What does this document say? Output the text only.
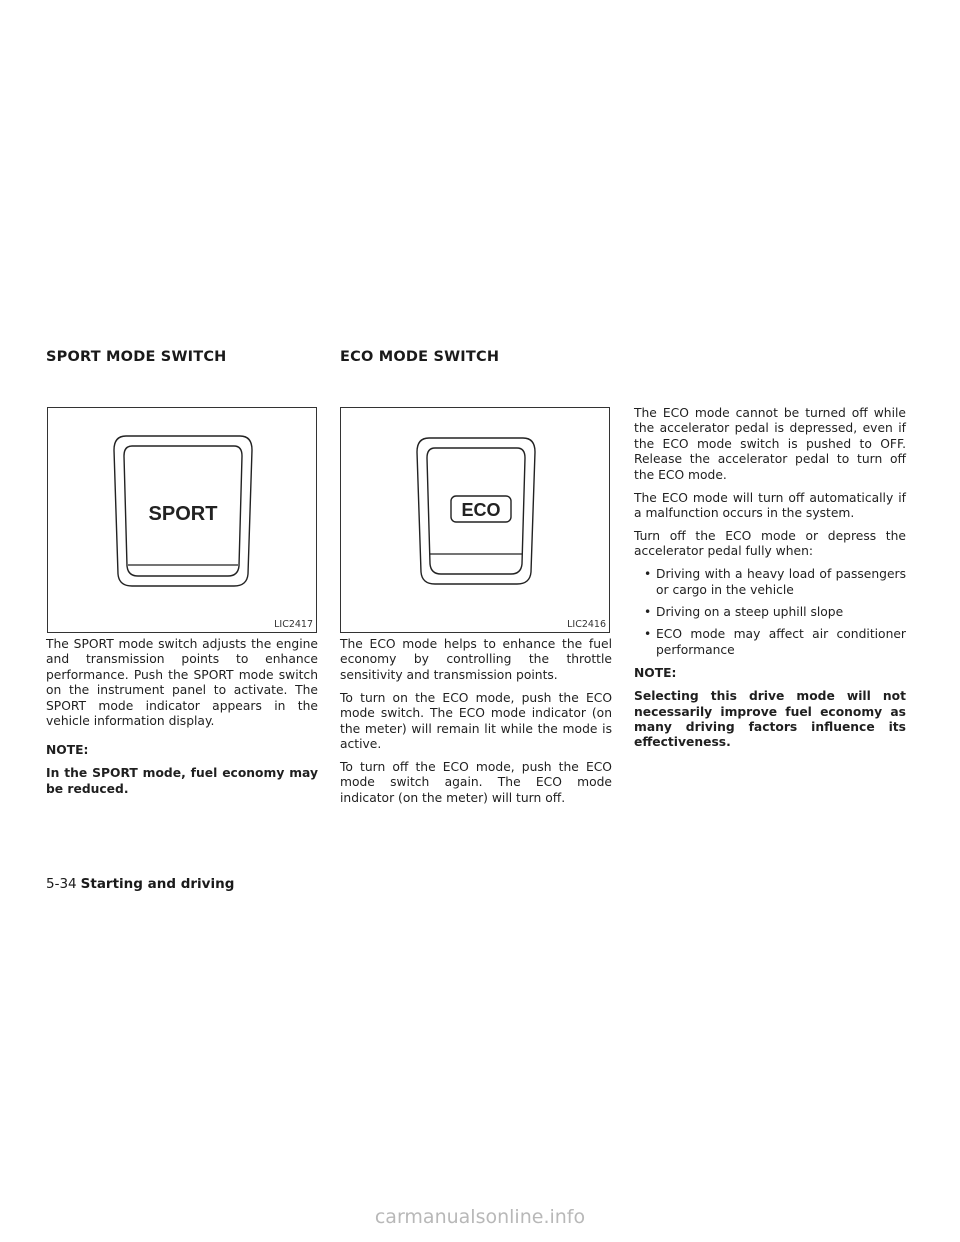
SPORT MODE SWITCH	ECO MODE SWITCH
SPORT
LIC2417
ECO
LIC2416

The SPORT mode switch adjusts the engine and transmission points to enhance performance. Push the SPORT mode switch on the instrument panel to activate. The SPORT mode indicator appears in the vehicle information display.

NOTE:

In the SPORT mode, fuel economy may be reduced.

The ECO mode helps to enhance the fuel economy by controlling the throttle sensitivity and transmission points.

To turn on the ECO mode, push the ECO mode switch. The ECO mode indicator (on the meter) will remain lit while the mode is active.

To turn off the ECO mode, push the ECO mode switch again. The ECO mode indicator (on the meter) will turn off.

The ECO mode cannot be turned off while the accelerator pedal is depressed, even if the ECO mode switch is pushed to OFF. Release the accelerator pedal to turn off the ECO mode.

The ECO mode will turn off automatically if a malfunction occurs in the system.

Turn off the ECO mode or depress the accelerator pedal fully when:

• Driving with a heavy load of passengers or cargo in the vehicle
• Driving on a steep uphill slope
• ECO mode may affect air conditioner performance

NOTE:

Selecting this drive mode will not necessarily improve fuel economy as many driving factors influence its effectiveness.

5-34 Starting and driving
carmanualsonline.info
